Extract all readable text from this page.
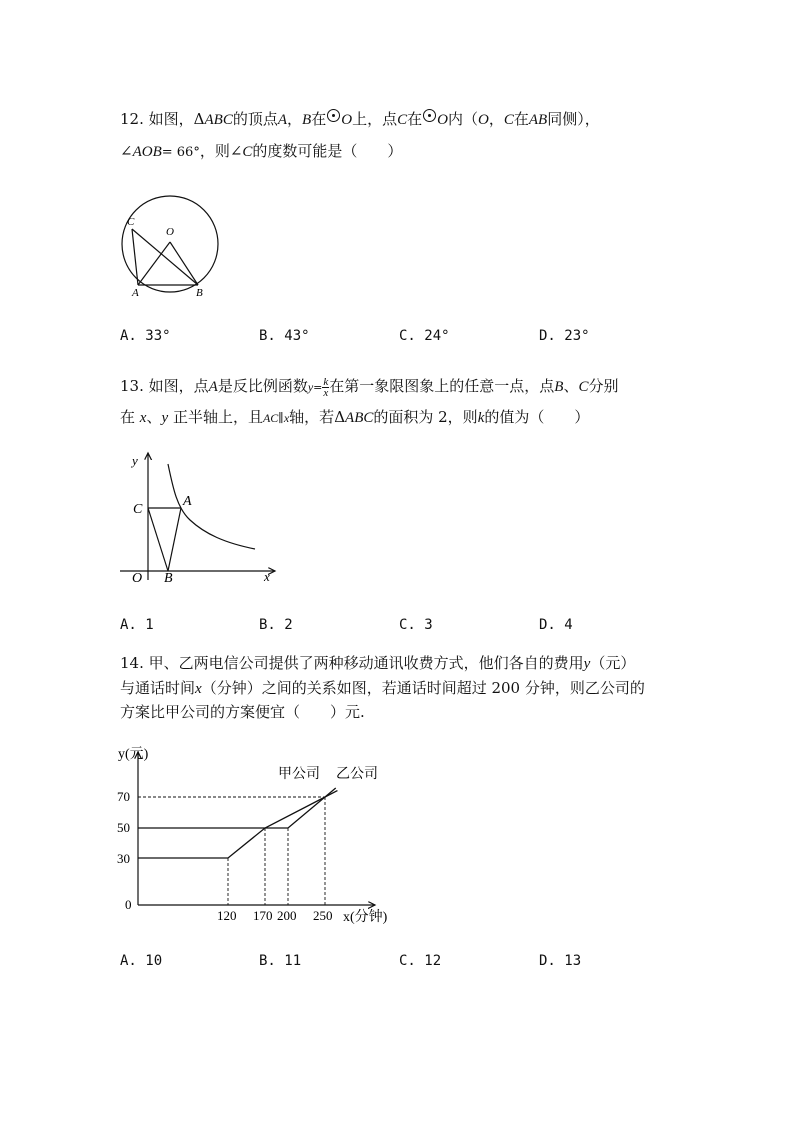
12. 如图，ΔABC的顶点A，B在 O上，点C在 O内（O，C在AB同侧），
∠AOB= 66°，则∠C的度数可能是（　　）
C
O
A	B
A. 33°	B. 43°	C. 24°	D. 23°
13. 如图，点A是反比例函数$y= \frac{k}{x}$ 在第一象限图象上的任意一点，点B、C分别
在 x、y 正半轴上，且AC∥x轴，若ΔABC的面积为 2，则k的值为（　　）
y
C
A
O B	x
A. 1	B. 2	C. 3	D. 4
14. 甲、乙两电信公司提供了两种移动通讯收费方式，他们各自的费用y（元）
与通话时间x（分钟）之间的关系如图，若通话时间超过 200 分钟，则乙公司的
方案比甲公司的方案便宜（　　）元.
y(元)
x(分钟)
甲公司 乙公司
70
50
30
0
120 170 200 250
A. 10	B. 11	C. 12	D. 13
